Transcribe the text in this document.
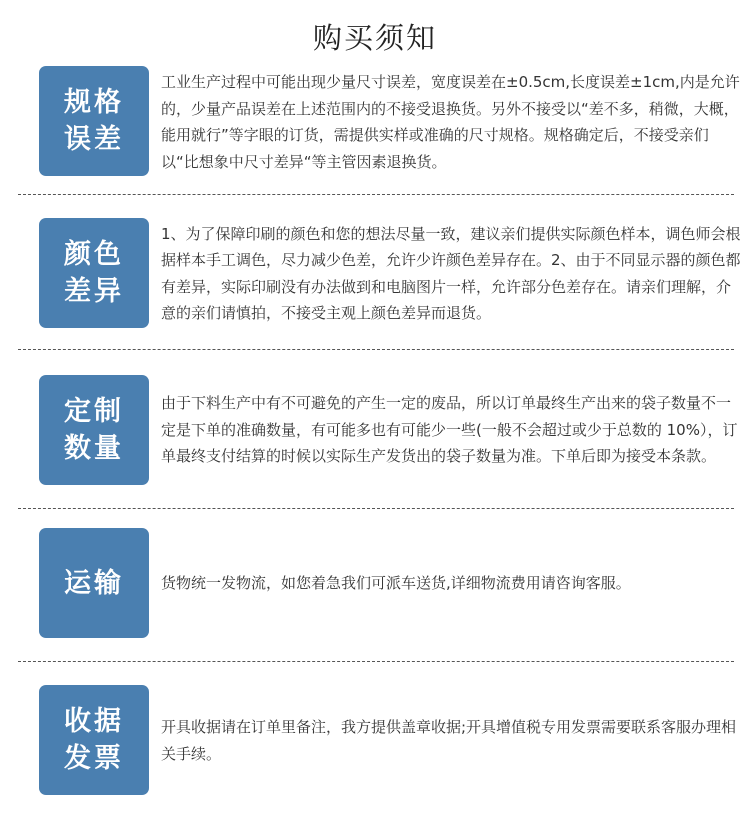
购买须知
规格
误差
工业生产过程中可能出现少量尺寸误差，宽度误差在±0.5cm,长度误差±1cm,内是允许的，少量产品误差在上述范围内的不接受退换货。另外不接受以“差不多，稍微，大概，能用就行”等字眼的订货，需提供实样或准确的尺寸规格。规格确定后，不接受亲们以“比想象中尺寸差异“等主管因素退换货。
颜色
差异
1、为了保障印刷的颜色和您的想法尽量一致，建议亲们提供实际颜色样本，调色师会根据样本手工调色，尽力减少色差，允许少许颜色差异存在。2、由于不同显示器的颜色都有差异，实际印刷没有办法做到和电脑图片一样，允许部分色差存在。请亲们理解，介意的亲们请慎拍，不接受主观上颜色差异而退货。
定制
数量
由于下料生产中有不可避免的产生一定的废品，所以订单最终生产出来的袋子数量不一定是下单的准确数量，有可能多也有可能少一些(一般不会超过或少于总数的 10%），订单最终支付结算的时候以实际生产发货出的袋子数量为准。下单后即为接受本条款。
运输 货物统一发物流，如您着急我们可派车送货,详细物流费用请咨询客服。
收据
发票
开具收据请在订单里备注，我方提供盖章收据;开具增值税专用发票需要联系客服办理相关手续。
